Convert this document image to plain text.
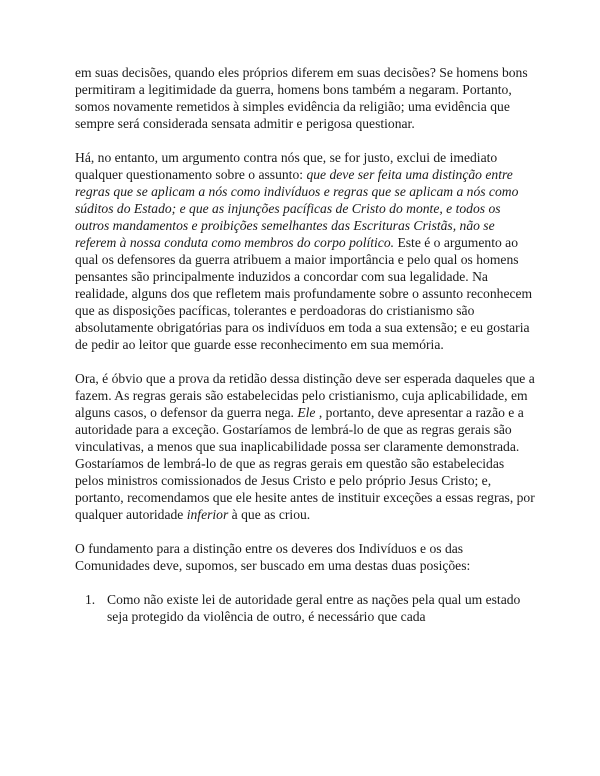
em suas decisões, quando eles próprios diferem em suas decisões? Se homens bons permitiram a legitimidade da guerra, homens bons também a negaram. Portanto, somos novamente remetidos à simples evidência da religião; uma evidência que sempre será considerada sensata admitir e perigosa questionar.

Há, no entanto, um argumento contra nós que, se for justo, exclui de imediato qualquer questionamento sobre o assunto: que deve ser feita uma distinção entre regras que se aplicam a nós como indivíduos e regras que se aplicam a nós como súditos do Estado; e que as injunções pacíficas de Cristo do monte, e todos os outros mandamentos e proibições semelhantes das Escrituras Cristãs, não se referem à nossa conduta como membros do corpo político. Este é o argumento ao qual os defensores da guerra atribuem a maior importância e pelo qual os homens pensantes são principalmente induzidos a concordar com sua legalidade. Na realidade, alguns dos que refletem mais profundamente sobre o assunto reconhecem que as disposições pacíficas, tolerantes e perdoadoras do cristianismo são absolutamente obrigatórias para os indivíduos em toda a sua extensão; e eu gostaria de pedir ao leitor que guarde esse reconhecimento em sua memória.

Ora, é óbvio que a prova da retidão dessa distinção deve ser esperada daqueles que a fazem. As regras gerais são estabelecidas pelo cristianismo, cuja aplicabilidade, em alguns casos, o defensor da guerra nega. Ele , portanto, deve apresentar a razão e a autoridade para a exceção. Gostaríamos de lembrá-lo de que as regras gerais são vinculativas, a menos que sua inaplicabilidade possa ser claramente demonstrada. Gostaríamos de lembrá-lo de que as regras gerais em questão são estabelecidas pelos ministros comissionados de Jesus Cristo e pelo próprio Jesus Cristo; e, portanto, recomendamos que ele hesite antes de instituir exceções a essas regras, por qualquer autoridade inferior à que as criou.

O fundamento para a distinção entre os deveres dos Indivíduos e os das Comunidades deve, supomos, ser buscado em uma destas duas posições:

1. Como não existe lei de autoridade geral entre as nações pela qual um estado seja protegido da violência de outro, é necessário que cada
